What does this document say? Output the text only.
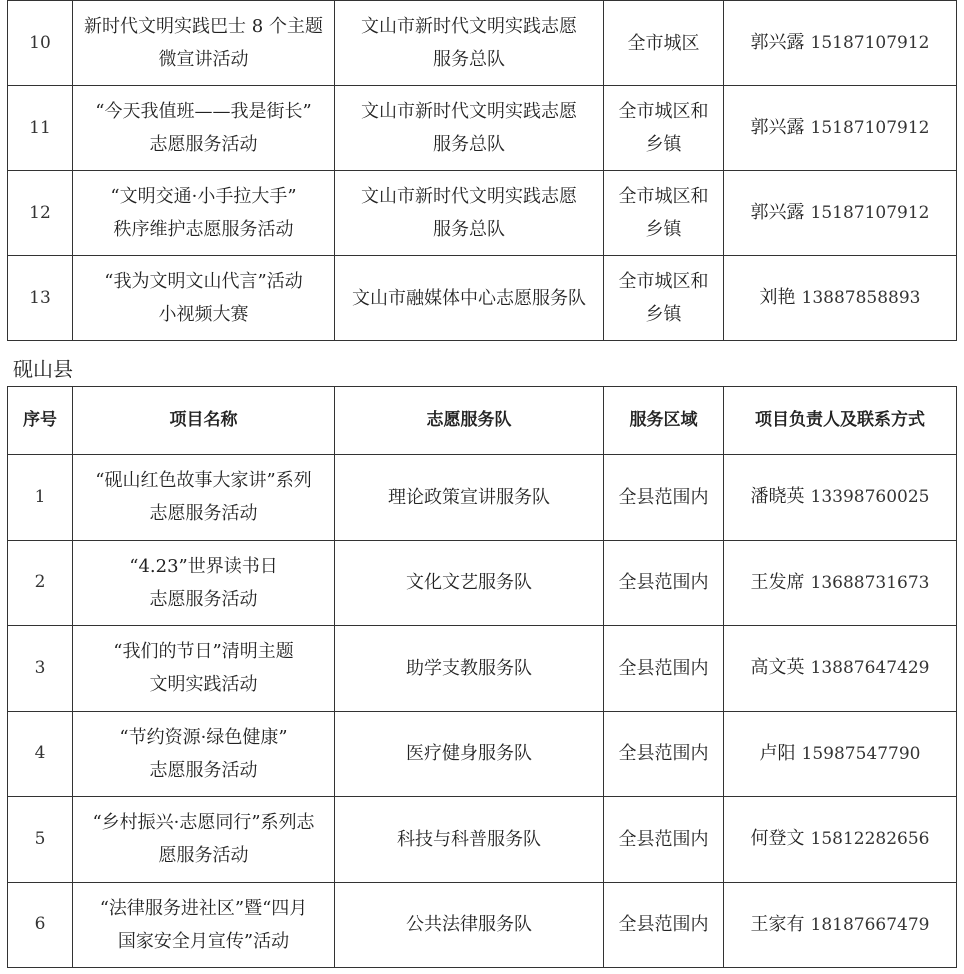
10	新时代文明实践巴士 8 个主题
微宣讲活动	文山市新时代文明实践志愿
服务总队	全市城区	郭兴露 15187107912
11	“今天我值班——我是街长”
志愿服务活动	文山市新时代文明实践志愿
服务总队	全市城区和
乡镇	郭兴露 15187107912
12	“文明交通·小手拉大手”
秩序维护志愿服务活动	文山市新时代文明实践志愿
服务总队	全市城区和
乡镇	郭兴露 15187107912
13	“我为文明文山代言”活动
小视频大赛	文山市融媒体中心志愿服务队	全市城区和
乡镇	刘艳 13887858893
砚山县
序号	项目名称	志愿服务队	服务区域	项目负责人及联系方式
1	“砚山红色故事大家讲”系列
志愿服务活动	理论政策宣讲服务队	全县范围内	潘晓英 13398760025
2	“4.23”世界读书日
志愿服务活动	文化文艺服务队	全县范围内	王发席 13688731673
3	“我们的节日”清明主题
文明实践活动	助学支教服务队	全县范围内	高文英 13887647429
4	“节约资源·绿色健康”
志愿服务活动	医疗健身服务队	全县范围内	卢阳 15987547790
5	“乡村振兴·志愿同行”系列志
愿服务活动	科技与科普服务队	全县范围内	何登文 15812282656
6	“法律服务进社区”暨“四月
国家安全月宣传”活动	公共法律服务队	全县范围内	王家有 18187667479
